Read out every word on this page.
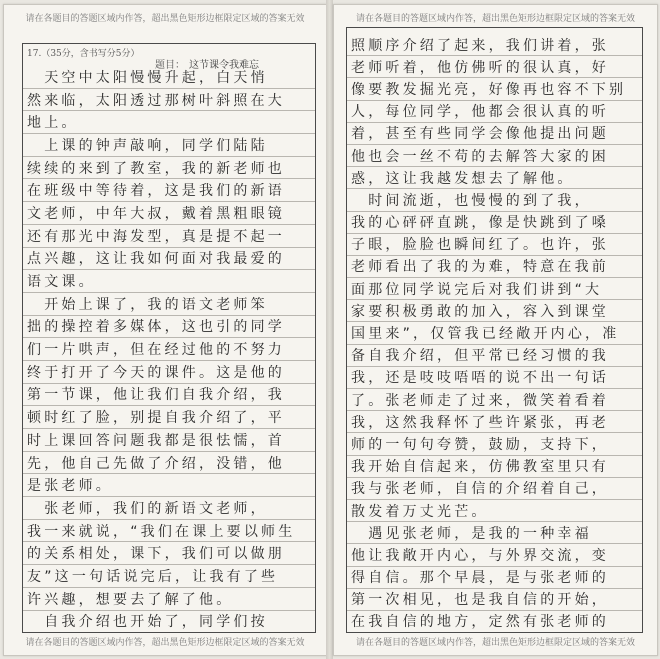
请在各题目的答题区域内作答，超出黑色矩形边框限定区域的答案无效
17.（35分，含书写分5分）
题目： 这节课令我难忘
　天空中太阳慢慢升起，白天悄
然来临，太阳透过那树叶斜照在大
地上。
　上课的钟声敲响，同学们陆陆
续续的来到了教室，我的新老师也
在班级中等待着，这是我们的新语
文老师，中年大叔，戴着黑粗眼镜
还有那光中海发型，真是提不起一
点兴趣，这让我如何面对我最爱的
语文课。
　开始上课了，我的语文老师笨
拙的操控着多媒体，这也引的同学
们一片哄声，但在经过他的不努力
终于打开了今天的课件。这是他的
第一节课，他让我们自我介绍，我
顿时红了脸，别提自我介绍了，平
时上课回答问题我都是很怯懦，首
先，他自己先做了介绍，没错，他
是张老师。
　张老师，我们的新语文老师，
我一来就说，“我们在课上要以师生
的关系相处，课下，我们可以做朋
友”这一句话说完后，让我有了些
许兴趣，想要去了解了他。
　自我介绍也开始了，同学们按
请在各题目的答题区域内作答，超出黑色矩形边框限定区域的答案无效
请在各题目的答题区域内作答，超出黑色矩形边框限定区域的答案无效
照顺序介绍了起来，我们讲着，张
老师听着，他仿佛听的很认真，好
像要教发掘光亮，好像再也容不下别
人，每位同学，他都会很认真的听
着，甚至有些同学会像他提出问题
他也会一丝不苟的去解答大家的困
惑，这让我越发想去了解他。
　时间流逝，也慢慢的到了我，
我的心砰砰直跳，像是快跳到了嗓
子眼，脸脸也瞬间红了。也许，张
老师看出了我的为难，特意在我前
面那位同学说完后对我们讲到“大
家要积极勇敢的加入，容入到课堂
国里来”，仅管我已经敞开内心，准
备自我介绍，但平常已经习惯的我
我，还是吱吱唔唔的说不出一句话
了。张老师走了过来，微笑着看着
我，这然我释怀了些许紧张，再老
师的一句句夸赞，鼓励，支持下，
我开始自信起来，仿佛教室里只有
我与张老师，自信的介绍着自己，
散发着万丈光芒。
　遇见张老师，是我的一种幸福
他让我敞开内心，与外界交流，变
得自信。那个早晨，是与张老师的
第一次相见，也是我自信的开始，
在我自信的地方，定然有张老师的
请在各题目的答题区域内作答，超出黑色矩形边框限定区域的答案无效
